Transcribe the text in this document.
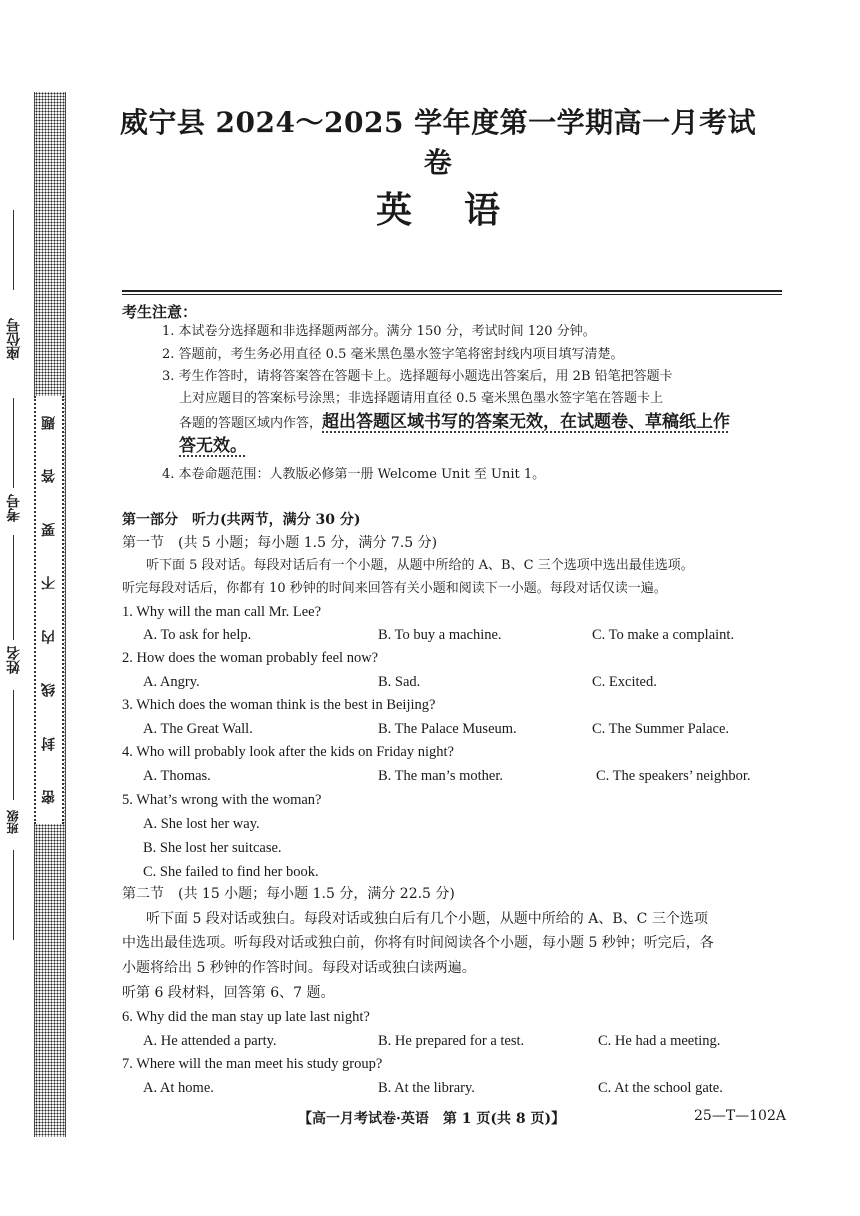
题
答
要
不
内
线
封
密
座位号
考号
姓名
班级
威宁县 2024～2025 学年度第一学期高一月考试卷
英 语
考生注意：
1. 本试卷分选择题和非选择题两部分。满分 150 分，考试时间 120 分钟。
2. 答题前，考生务必用直径 0.5 毫米黑色墨水签字笔将密封线内项目填写清楚。
3. 考生作答时，请将答案答在答题卡上。选择题每小题选出答案后，用 2B 铅笔把答题卡
上对应题目的答案标号涂黑；非选择题请用直径 0.5 毫米黑色墨水签字笔在答题卡上
各题的答题区域内作答，超出答题区域书写的答案无效，在试题卷、草稿纸上作
答无效。
4. 本卷命题范围：人教版必修第一册 Welcome Unit 至 Unit 1。
第一部分　听力(共两节，满分 30 分)
第一节　(共 5 小题；每小题 1.5 分，满分 7.5 分)
听下面 5 段对话。每段对话后有一个小题，从题中所给的 A、B、C 三个选项中选出最佳选项。
听完每段对话后，你都有 10 秒钟的时间来回答有关小题和阅读下一小题。每段对话仅读一遍。
1. Why will the man call Mr. Lee?
A. To ask for help.	B. To buy a machine.	C. To make a complaint.
2. How does the woman probably feel now?
A. Angry.	B. Sad.	C. Excited.
3. Which does the woman think is the best in Beijing?
A. The Great Wall.	B. The Palace Museum.	C. The Summer Palace.
4. Who will probably look after the kids on Friday night?
A. Thomas.	B. The man’s mother.	C. The speakers’ neighbor.
5. What’s wrong with the woman?
A. She lost her way.
B. She lost her suitcase.
C. She failed to find her book.
第二节　(共 15 小题；每小题 1.5 分，满分 22.5 分)
听下面 5 段对话或独白。每段对话或独白后有几个小题，从题中所给的 A、B、C 三个选项
中选出最佳选项。听每段对话或独白前，你将有时间阅读各个小题，每小题 5 秒钟；听完后，各
小题将给出 5 秒钟的作答时间。每段对话或独白读两遍。
听第 6 段材料，回答第 6、7 题。
6. Why did the man stay up late last night?
A. He attended a party.	B. He prepared for a test.	C. He had a meeting.
7. Where will the man meet his study group?
A. At home.	B. At the library.	C. At the school gate.
【高一月考试卷·英语　第 1 页(共 8 页)】	25—T—102A
